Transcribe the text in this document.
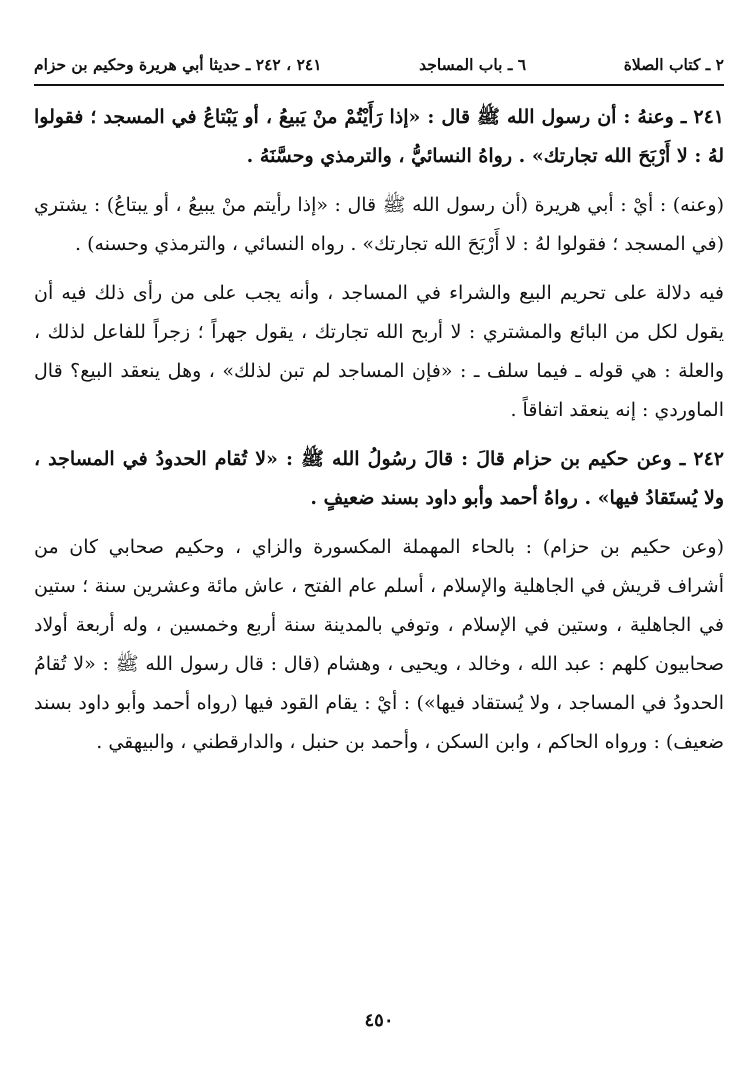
٢ ـ كتاب الصلاة
٦ ـ باب المساجد
٢٤١ ، ٢٤٢ ـ حديثا أبي هريرة وحكيم بن حزام

٢٤١ ـ وعنهُ : أن رسول الله ﷺ قال : «إذا رَأَيْتُمْ منْ يَبيعُ ، أو يَبْتاعُ في المسجد ؛ فقولوا لهُ : لا أَرْبَحَ الله تجارتك» . رواهُ النسائيُّ ، والترمذي وحسَّنَهُ .

(وعنه) : أيْ : أبي هريرة (أن رسول الله ﷺ قال : «إذا رأيتم منْ يبيعُ ، أو يبتاعُ) : يشتري (في المسجد ؛ فقولوا لهُ : لا أَرْبَحَ الله تجارتك» . رواه النسائي ، والترمذي وحسنه) .

فيه دلالة على تحريم البيع والشراء في المساجد ، وأنه يجب على من رأى ذلك فيه أن يقول لكل من البائع والمشتري : لا أربح الله تجارتك ، يقول جهراً ؛ زجراً للفاعل لذلك ، والعلة : هي قوله ـ فيما سلف ـ : «فإن المساجد لم تبن لذلك» ، وهل ينعقد البيع؟ قال الماوردي : إنه ينعقد اتفاقاً .

٢٤٢ ـ وعن حكيم بن حزام قالَ : قالَ رسُولُ الله ﷺ : «لا تُقام الحدودُ في المساجد ، ولا يُستَقادُ فيها» . رواهُ أحمد وأبو داود بسند ضعيفٍ .

(وعن حكيم بن حزام) : بالحاء المهملة المكسورة والزاي ، وحكيم صحابي كان من أشراف قريش في الجاهلية والإسلام ، أسلم عام الفتح ، عاش مائة وعشرين سنة ؛ ستين في الجاهلية ، وستين في الإسلام ، وتوفي بالمدينة سنة أربع وخمسين ، وله أربعة أولاد صحابيون كلهم : عبد الله ، وخالد ، ويحيى ، وهشام (قال : قال رسول الله ﷺ : «لا تُقامُ الحدودُ في المساجد ، ولا يُستقاد فيها») : أيْ : يقام القود فيها (رواه أحمد وأبو داود بسند ضعيف) : ورواه الحاكم ، وابن السكن ، وأحمد بن حنبل ، والدارقطني ، والبيهقي .

٤٥٠
